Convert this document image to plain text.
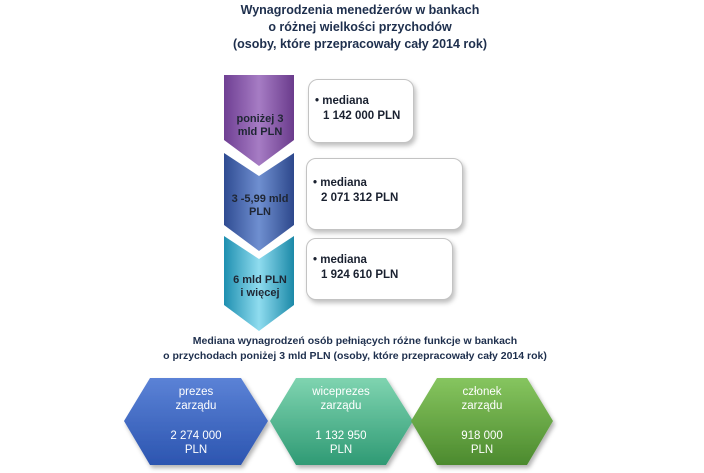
Wynagrodzenia menedżerów w bankach
o różnej wielkości przychodów
(osoby, które przepracowały cały 2014 rok)
poniżej 3
mld PLN
3 -5,99 mld
PLN
6 mld PLN
i więcej
• mediana
1 142 000 PLN
• mediana
2 071 312 PLN
• mediana
1 924 610 PLN
Mediana wynagrodzeń osób pełniących różne funkcje w bankach
o przychodach poniżej 3 mld PLN (osoby, które przepracowały cały 2014 rok)
prezes
zarządu
2 274 000
PLN
wiceprezes
zarządu
1 132 950
PLN
członek
zarządu
918 000
PLN
